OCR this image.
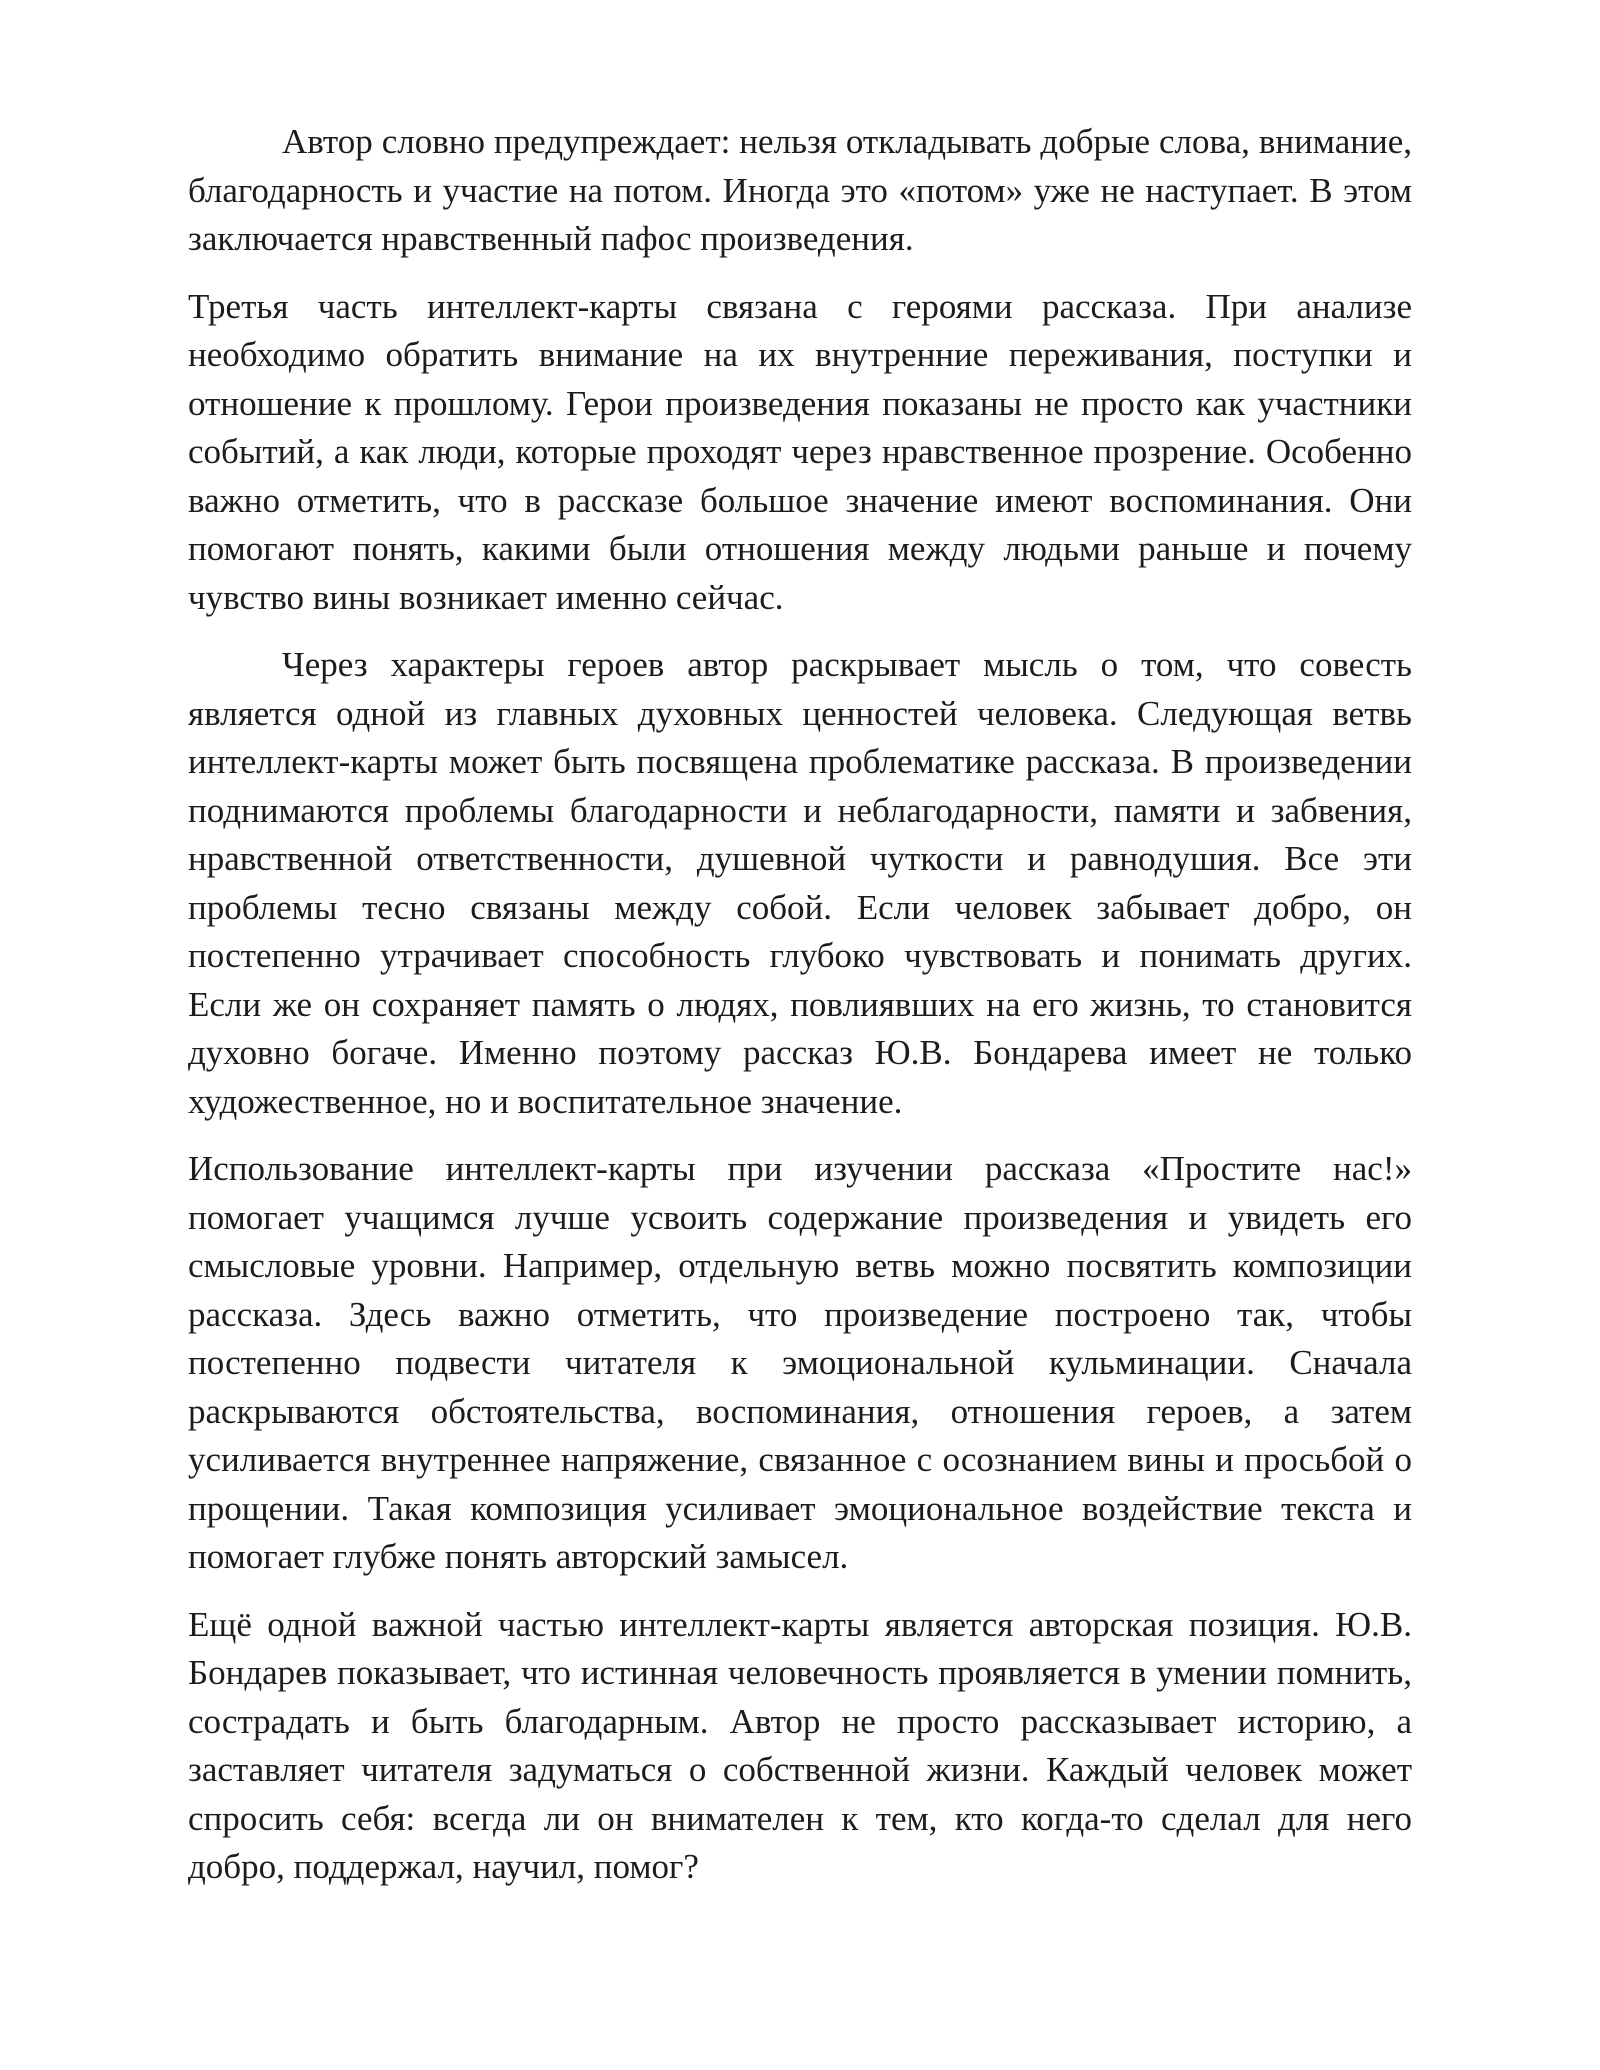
Автор словно предупреждает: нельзя откладывать добрые слова, внимание, благодарность и участие на потом. Иногда это «потом» уже не наступает. В этом заключается нравственный пафос произведения.

Третья часть интеллект-карты связана с героями рассказа. При анализе необходимо обратить внимание на их внутренние переживания, поступки и отношение к прошлому. Герои произведения показаны не просто как участники событий, а как люди, которые проходят через нравственное прозрение. Особенно важно отметить, что в рассказе большое значение имеют воспоминания. Они помогают понять, какими были отношения между людьми раньше и почему чувство вины возникает именно сейчас.

Через характеры героев автор раскрывает мысль о том, что совесть является одной из главных духовных ценностей человека. Следующая ветвь интеллект-карты может быть посвящена проблематике рассказа. В произведении поднимаются проблемы благодарности и неблагодарности, памяти и забвения, нравственной ответственности, душевной чуткости и равнодушия. Все эти проблемы тесно связаны между собой. Если человек забывает добро, он постепенно утрачивает способность глубоко чувствовать и понимать других. Если же он сохраняет память о людях, повлиявших на его жизнь, то становится духовно богаче. Именно поэтому рассказ Ю.В. Бондарева имеет не только художественное, но и воспитательное значение.

Использование интеллект-карты при изучении рассказа «Простите нас!» помогает учащимся лучше усвоить содержание произведения и увидеть его смысловые уровни. Например, отдельную ветвь можно посвятить композиции рассказа. Здесь важно отметить, что произведение построено так, чтобы постепенно подвести читателя к эмоциональной кульминации. Сначала раскрываются обстоятельства, воспоминания, отношения героев, а затем усиливается внутреннее напряжение, связанное с осознанием вины и просьбой о прощении. Такая композиция усиливает эмоциональное воздействие текста и помогает глубже понять авторский замысел.

Ещё одной важной частью интеллект-карты является авторская позиция. Ю.В. Бондарев показывает, что истинная человечность проявляется в умении помнить, сострадать и быть благодарным. Автор не просто рассказывает историю, а заставляет читателя задуматься о собственной жизни. Каждый человек может спросить себя: всегда ли он внимателен к тем, кто когда-то сделал для него добро, поддержал, научил, помог?
